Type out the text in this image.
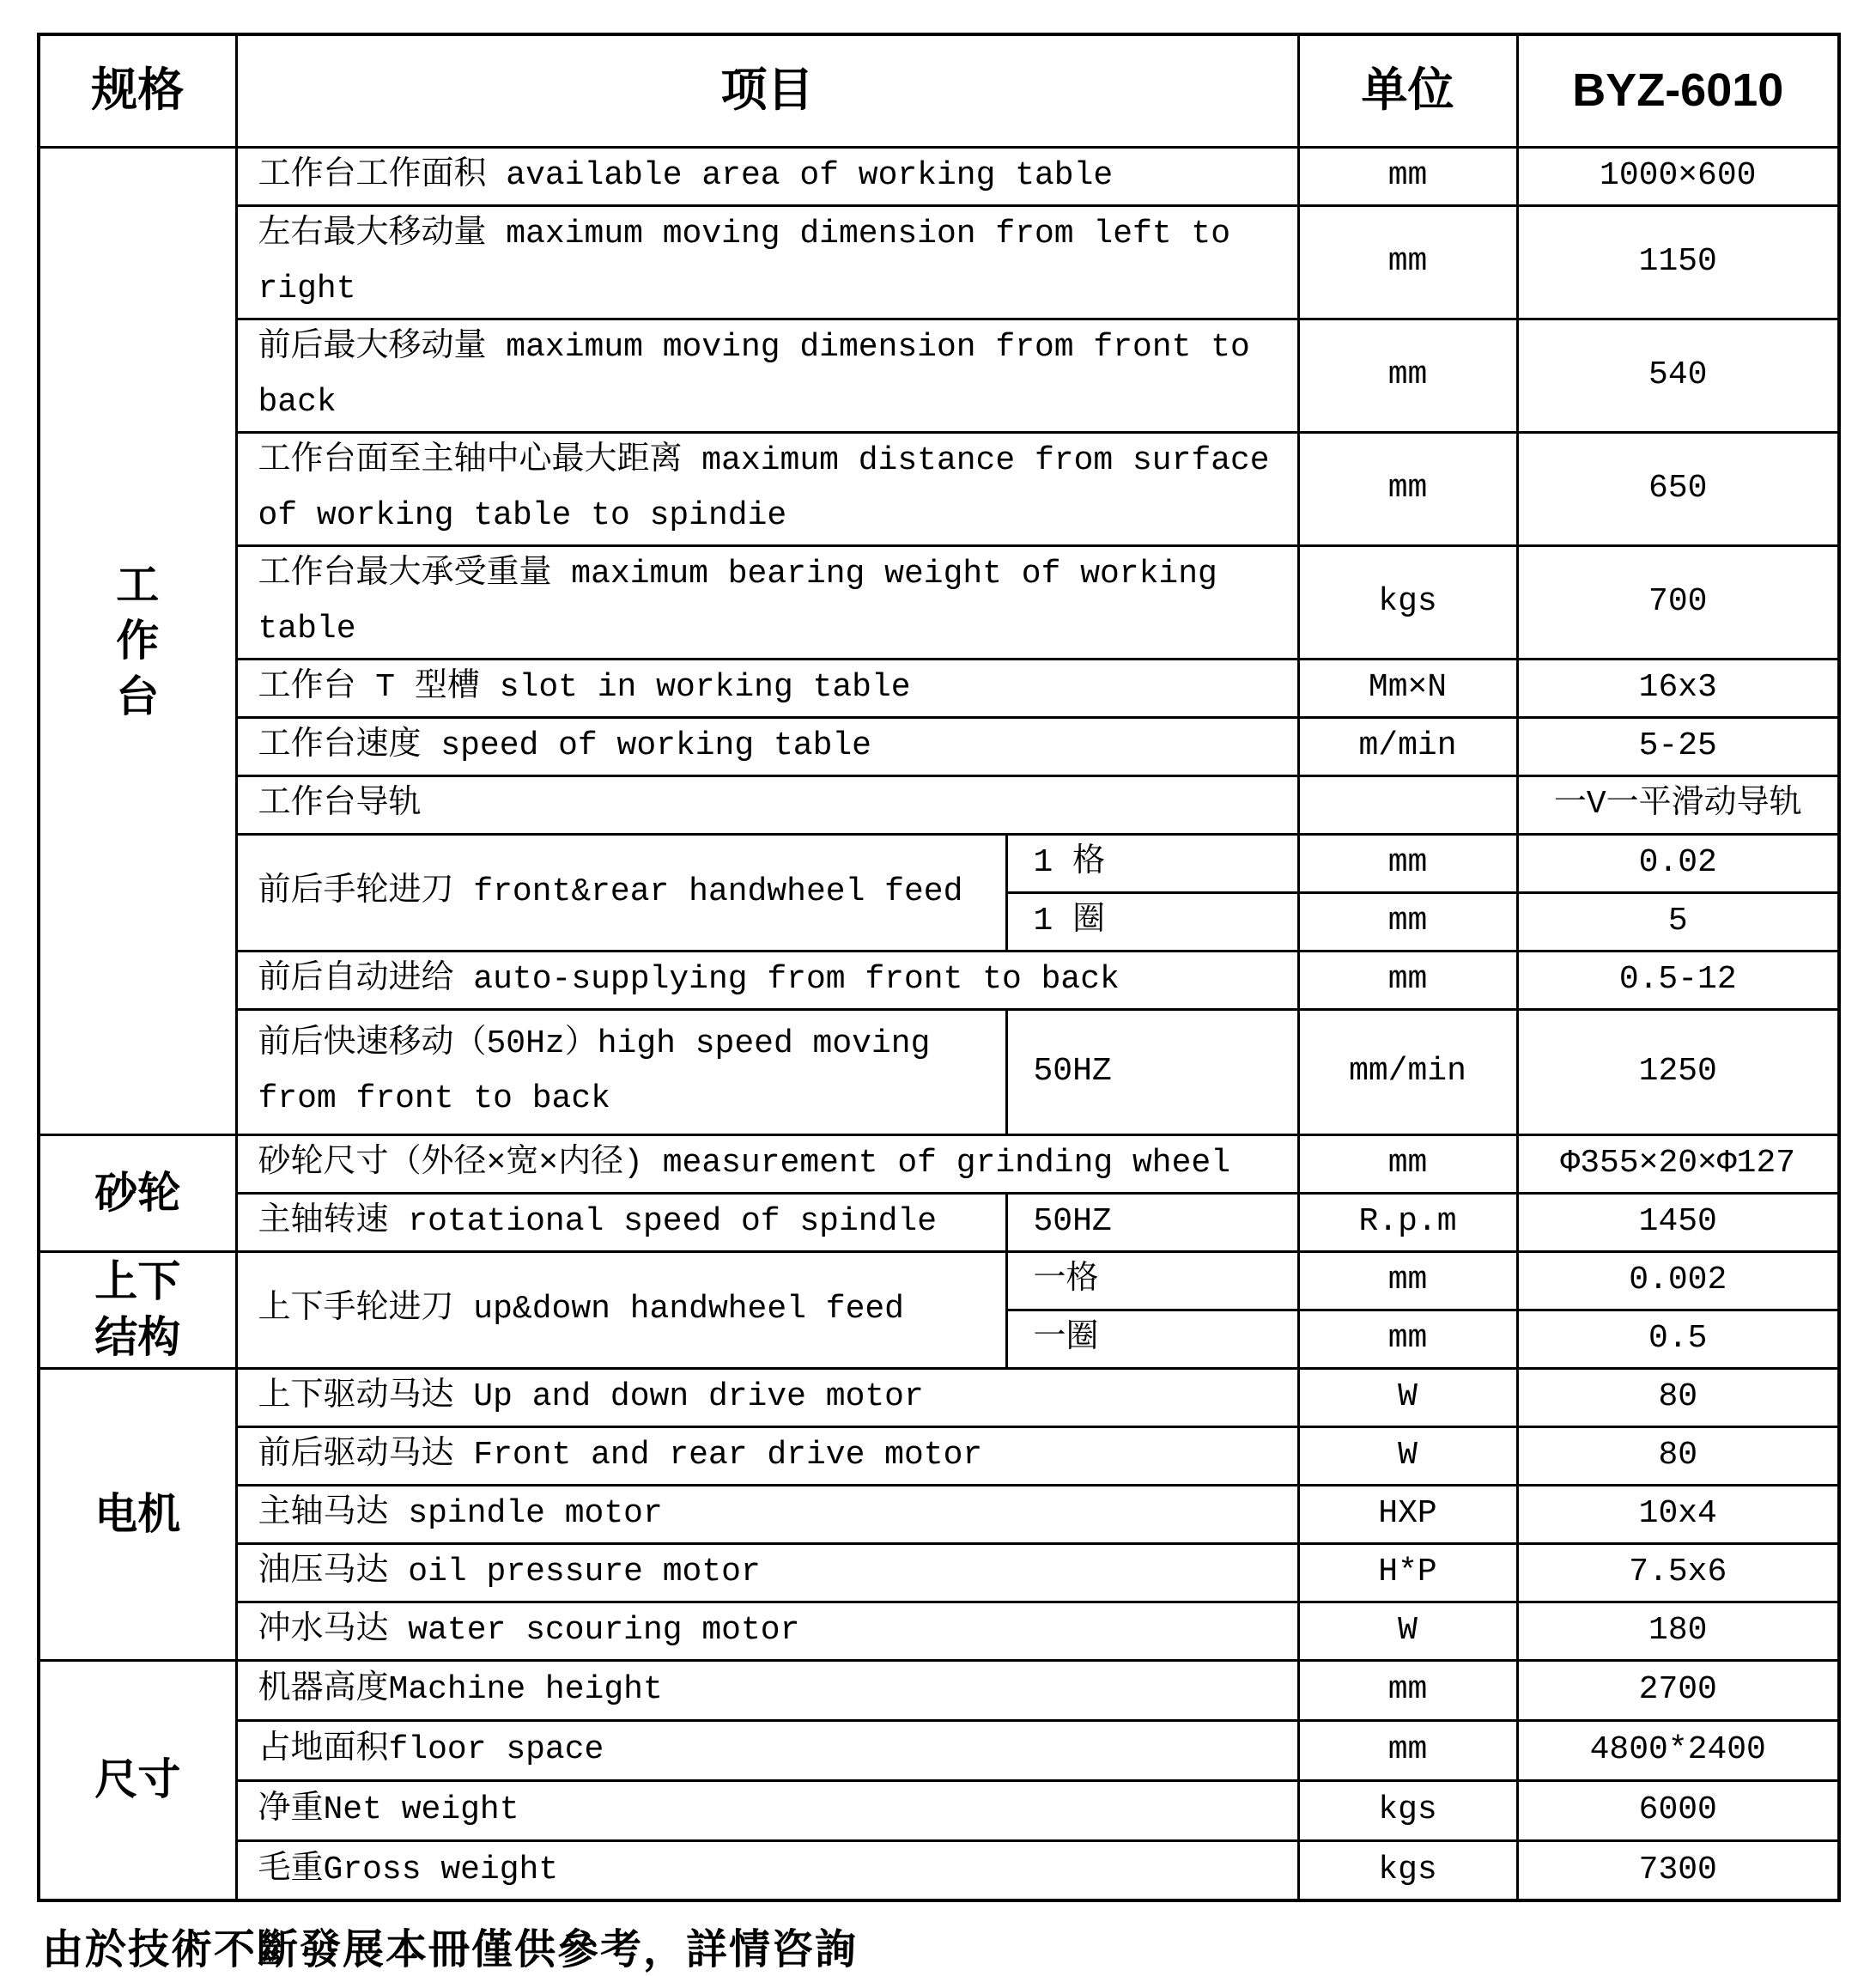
规格	项目		单位	BYZ-6010
工作台	工作台工作面积 available area of working table		mm	1000×600
	左右最大移动量 maximum moving dimension from left to right		mm	1150
	前后最大移动量 maximum moving dimension from front to back		mm	540
	工作台面至主轴中心最大距离 maximum distance from surface of working table to spindie		mm	650
	工作台最大承受重量 maximum bearing weight of working table		kgs	700
	工作台 T 型槽 slot in working table		Mm×N	16x3
	工作台速度 speed of working table		m/min	5-25
	工作台导轨			一V一平滑动导轨
	前后手轮进刀 front&rear handwheel feed	1 格	mm	0.02
		1 圈	mm	5
	前后自动进给 auto-supplying from front to back		mm	0.5-12
	前后快速移动（50Hz）high speed moving from front to back	50HZ	mm/min	1250
砂轮	砂轮尺寸（外径×宽×内径) measurement of grinding wheel		mm	Φ355×20×Φ127
	主轴转速 rotational speed of spindle	50HZ	R.p.m	1450
上下结构	上下手轮进刀 up&down handwheel feed	一格	mm	0.002
		一圈	mm	0.5
电机	上下驱动马达 Up and down drive motor		W	80
	前后驱动马达 Front and rear drive motor		W	80
	主轴马达 spindle motor		HXP	10x4
	油压马达 oil pressure motor		H*P	7.5x6
	冲水马达 water scouring motor		W	180
尺寸	机器高度Machine height		mm	2700
	占地面积floor space		mm	4800*2400
	净重Net weight		kgs	6000
	毛重Gross weight		kgs	7300
由於技術不斷發展本冊僅供參考，詳情咨詢
